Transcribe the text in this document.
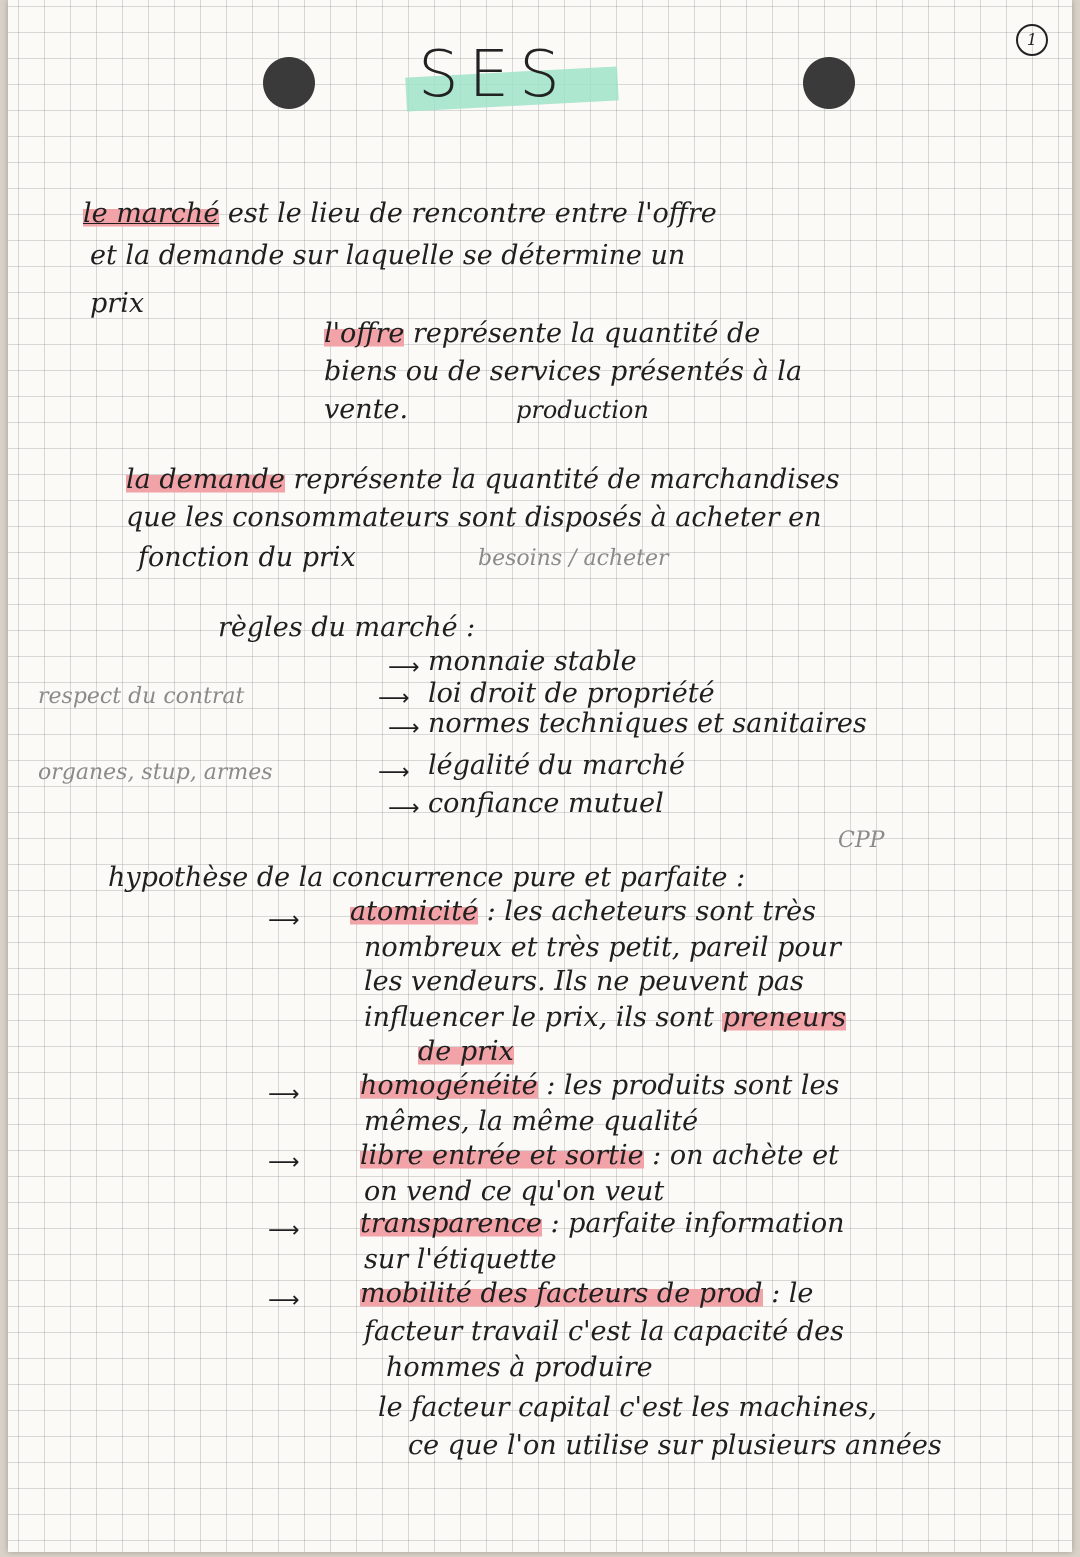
1
SES
le marché est le lieu de rencontre entre l'offre
et la demande sur laquelle se détermine un
prix
l'offre représente la quantité de
biens ou de services présentés à la
vente.	production
la demande représente la quantité de marchandises
que les consommateurs sont disposés à acheter en
fonction du prix	besoins / acheter
règles du marché :
⟶ monnaie stable
respect du contrat	⟶ loi droit de propriété
⟶ normes techniques et sanitaires
organes, stup, armes	⟶ légalité du marché
⟶ confiance mutuel
CPP
hypothèse de la concurrence pure et parfaite :
⟶ atomicité : les acheteurs sont très
nombreux et très petit, pareil pour
les vendeurs. Ils ne peuvent pas
influencer le prix, ils sont preneurs
de prix
⟶ homogénéité : les produits sont les
mêmes, la même qualité
⟶ libre entrée et sortie : on achète et
on vend ce qu'on veut
⟶ transparence : parfaite information
sur l'étiquette
⟶ mobilité des facteurs de prod : le
facteur travail c'est la capacité des
hommes à produire
le facteur capital c'est les machines,
ce que l'on utilise sur plusieurs années
